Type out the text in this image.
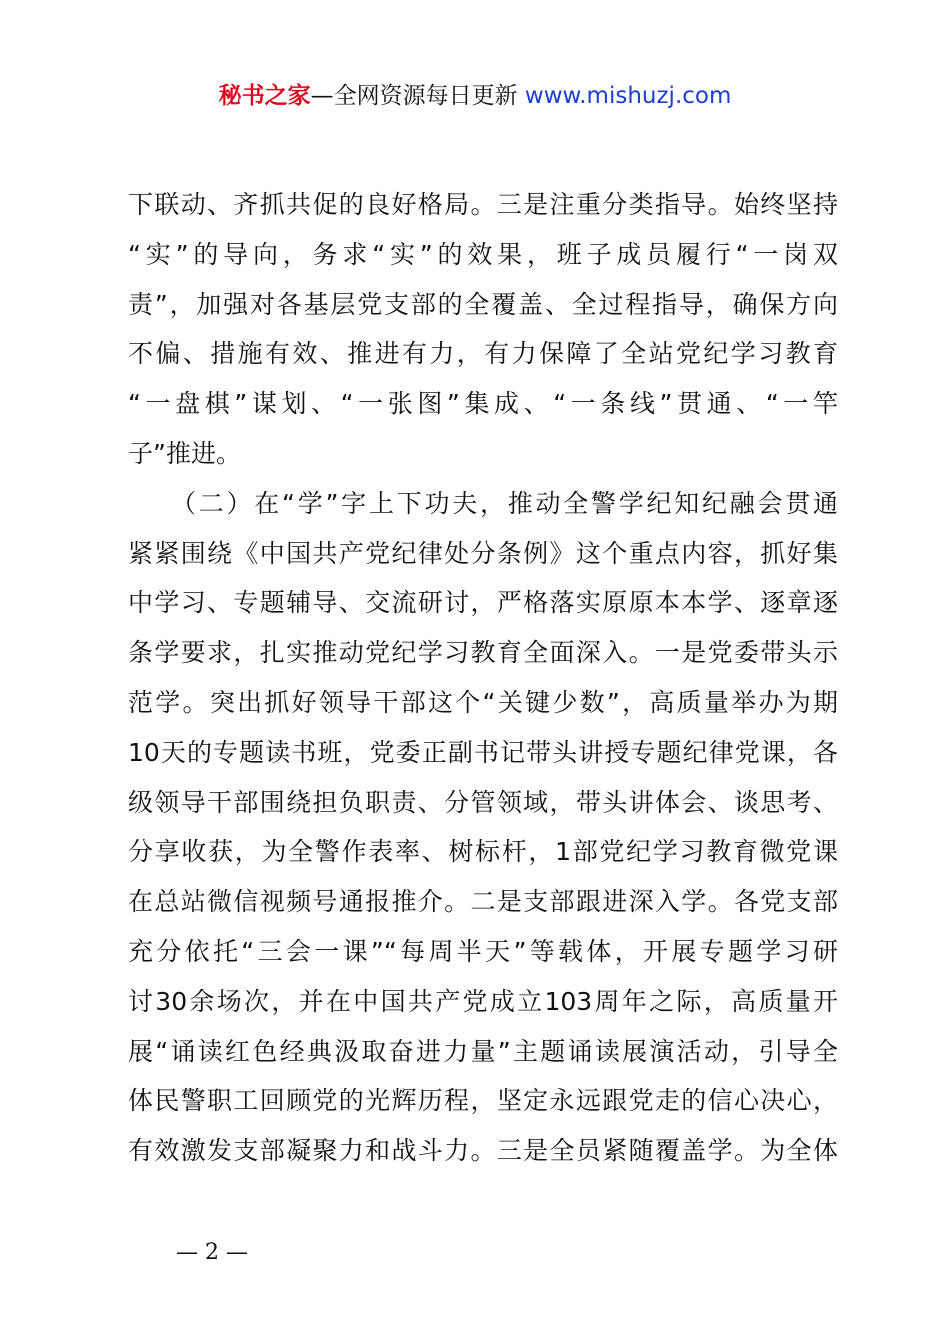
秘书之家—全网资源每日更新 www.mishuzj.com
下联动、齐抓共促的良好格局。三是注重分类指导。始终坚持
“实”的导向，务求“实”的效果，班子成员履行“一岗双
责”，加强对各基层党支部的全覆盖、全过程指导，确保方向
不偏、措施有效、推进有力，有力保障了全站党纪学习教育
“一盘棋”谋划、“一张图”集成、“一条线”贯通、“一竿
子”推进。
　　（二）在“学”字上下功夫，推动全警学纪知纪融会贯通
紧紧围绕《中国共产党纪律处分条例》这个重点内容，抓好集
中学习、专题辅导、交流研讨，严格落实原原本本学、逐章逐
条学要求，扎实推动党纪学习教育全面深入。一是党委带头示
范学。突出抓好领导干部这个“关键少数”，高质量举办为期
10天的专题读书班，党委正副书记带头讲授专题纪律党课，各
级领导干部围绕担负职责、分管领域，带头讲体会、谈思考、
分享收获，为全警作表率、树标杆，1部党纪学习教育微党课
在总站微信视频号通报推介。二是支部跟进深入学。各党支部
充分依托“三会一课”“每周半天”等载体，开展专题学习研
讨30余场次，并在中国共产党成立103周年之际，高质量开
展“诵读红色经典汲取奋进力量”主题诵读展演活动，引导全
体民警职工回顾党的光辉历程，坚定永远跟党走的信心决心，
有效激发支部凝聚力和战斗力。三是全员紧随覆盖学。为全体
— 2 —
